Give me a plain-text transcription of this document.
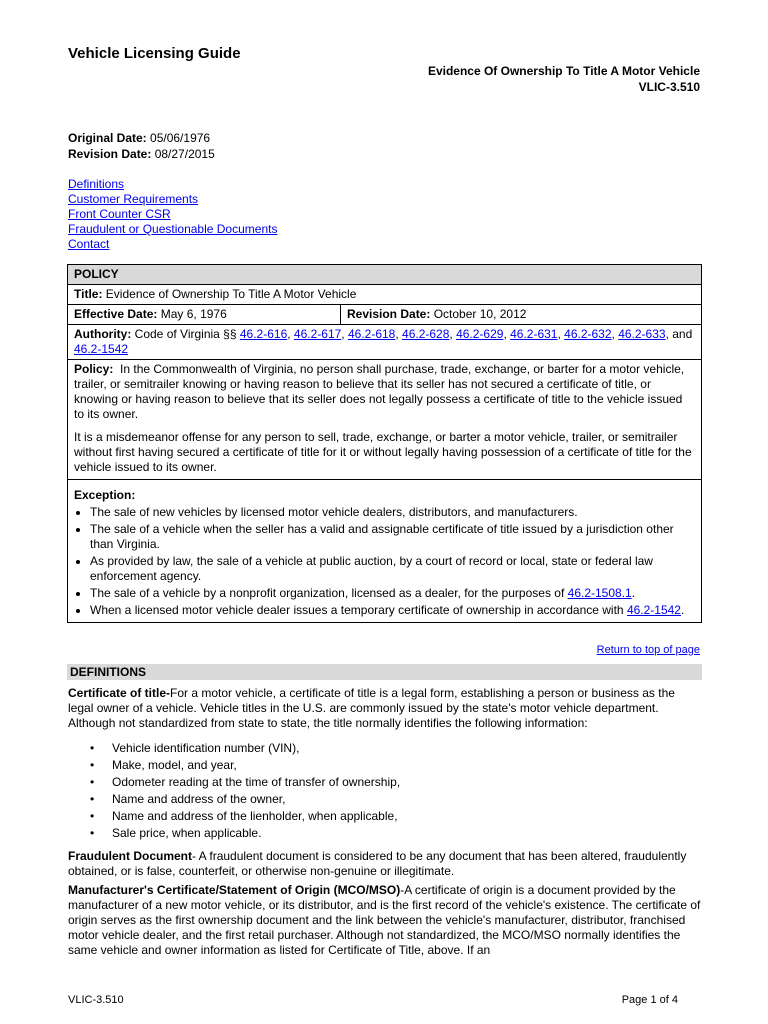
Vehicle Licensing Guide
Evidence Of Ownership To Title A Motor Vehicle
VLIC-3.510
Original Date: 05/06/1976
Revision Date: 08/27/2015
Definitions
Customer Requirements
Front Counter CSR
Fraudulent or Questionable Documents
Contact
POLICY
Title: Evidence of Ownership To Title A Motor Vehicle
Effective Date: May 6, 1976	Revision Date: October 10, 2012
Authority: Code of Virginia §§ 46.2-616, 46.2-617, 46.2-618, 46.2-628, 46.2-629, 46.2-631, 46.2-632, 46.2-633, and 46.2-1542

Policy: In the Commonwealth of Virginia, no person shall purchase, trade, exchange, or barter for a motor vehicle, trailer, or semitrailer knowing or having reason to believe that its seller has not secured a certificate of title, or knowing or having reason to believe that its seller does not legally possess a certificate of title to the vehicle issued to its owner.

It is a misdemeanor offense for any person to sell, trade, exchange, or barter a motor vehicle, trailer, or semitrailer without first having secured a certificate of title for it or without legally having possession of a certificate of title for the vehicle issued to its owner.

Exception:
• The sale of new vehicles by licensed motor vehicle dealers, distributors, and manufacturers.
• The sale of a vehicle when the seller has a valid and assignable certificate of title issued by a jurisdiction other than Virginia.
• As provided by law, the sale of a vehicle at public auction, by a court of record or local, state or federal law enforcement agency.
• The sale of a vehicle by a nonprofit organization, licensed as a dealer, for the purposes of 46.2-1508.1.
• When a licensed motor vehicle dealer issues a temporary certificate of ownership in accordance with 46.2-1542.
Return to top of page
DEFINITIONS
Certificate of title-For a motor vehicle, a certificate of title is a legal form, establishing a person or business as the legal owner of a vehicle. Vehicle titles in the U.S. are commonly issued by the state's motor vehicle department. Although not standardized from state to state, the title normally identifies the following information:
• Vehicle identification number (VIN),
• Make, model, and year,
• Odometer reading at the time of transfer of ownership,
• Name and address of the owner,
• Name and address of the lienholder, when applicable,
• Sale price, when applicable.
Fraudulent Document- A fraudulent document is considered to be any document that has been altered, fraudulently obtained, or is false, counterfeit, or otherwise non-genuine or illegitimate.
Manufacturer's Certificate/Statement of Origin (MCO/MSO)-A certificate of origin is a document provided by the manufacturer of a new motor vehicle, or its distributor, and is the first record of the vehicle's existence. The certificate of origin serves as the first ownership document and the link between the vehicle's manufacturer, distributor, franchised motor vehicle dealer, and the first retail purchaser. Although not standardized, the MCO/MSO normally identifies the same vehicle and owner information as listed for Certificate of Title, above. If an
VLIC-3.510	Page 1 of 4
